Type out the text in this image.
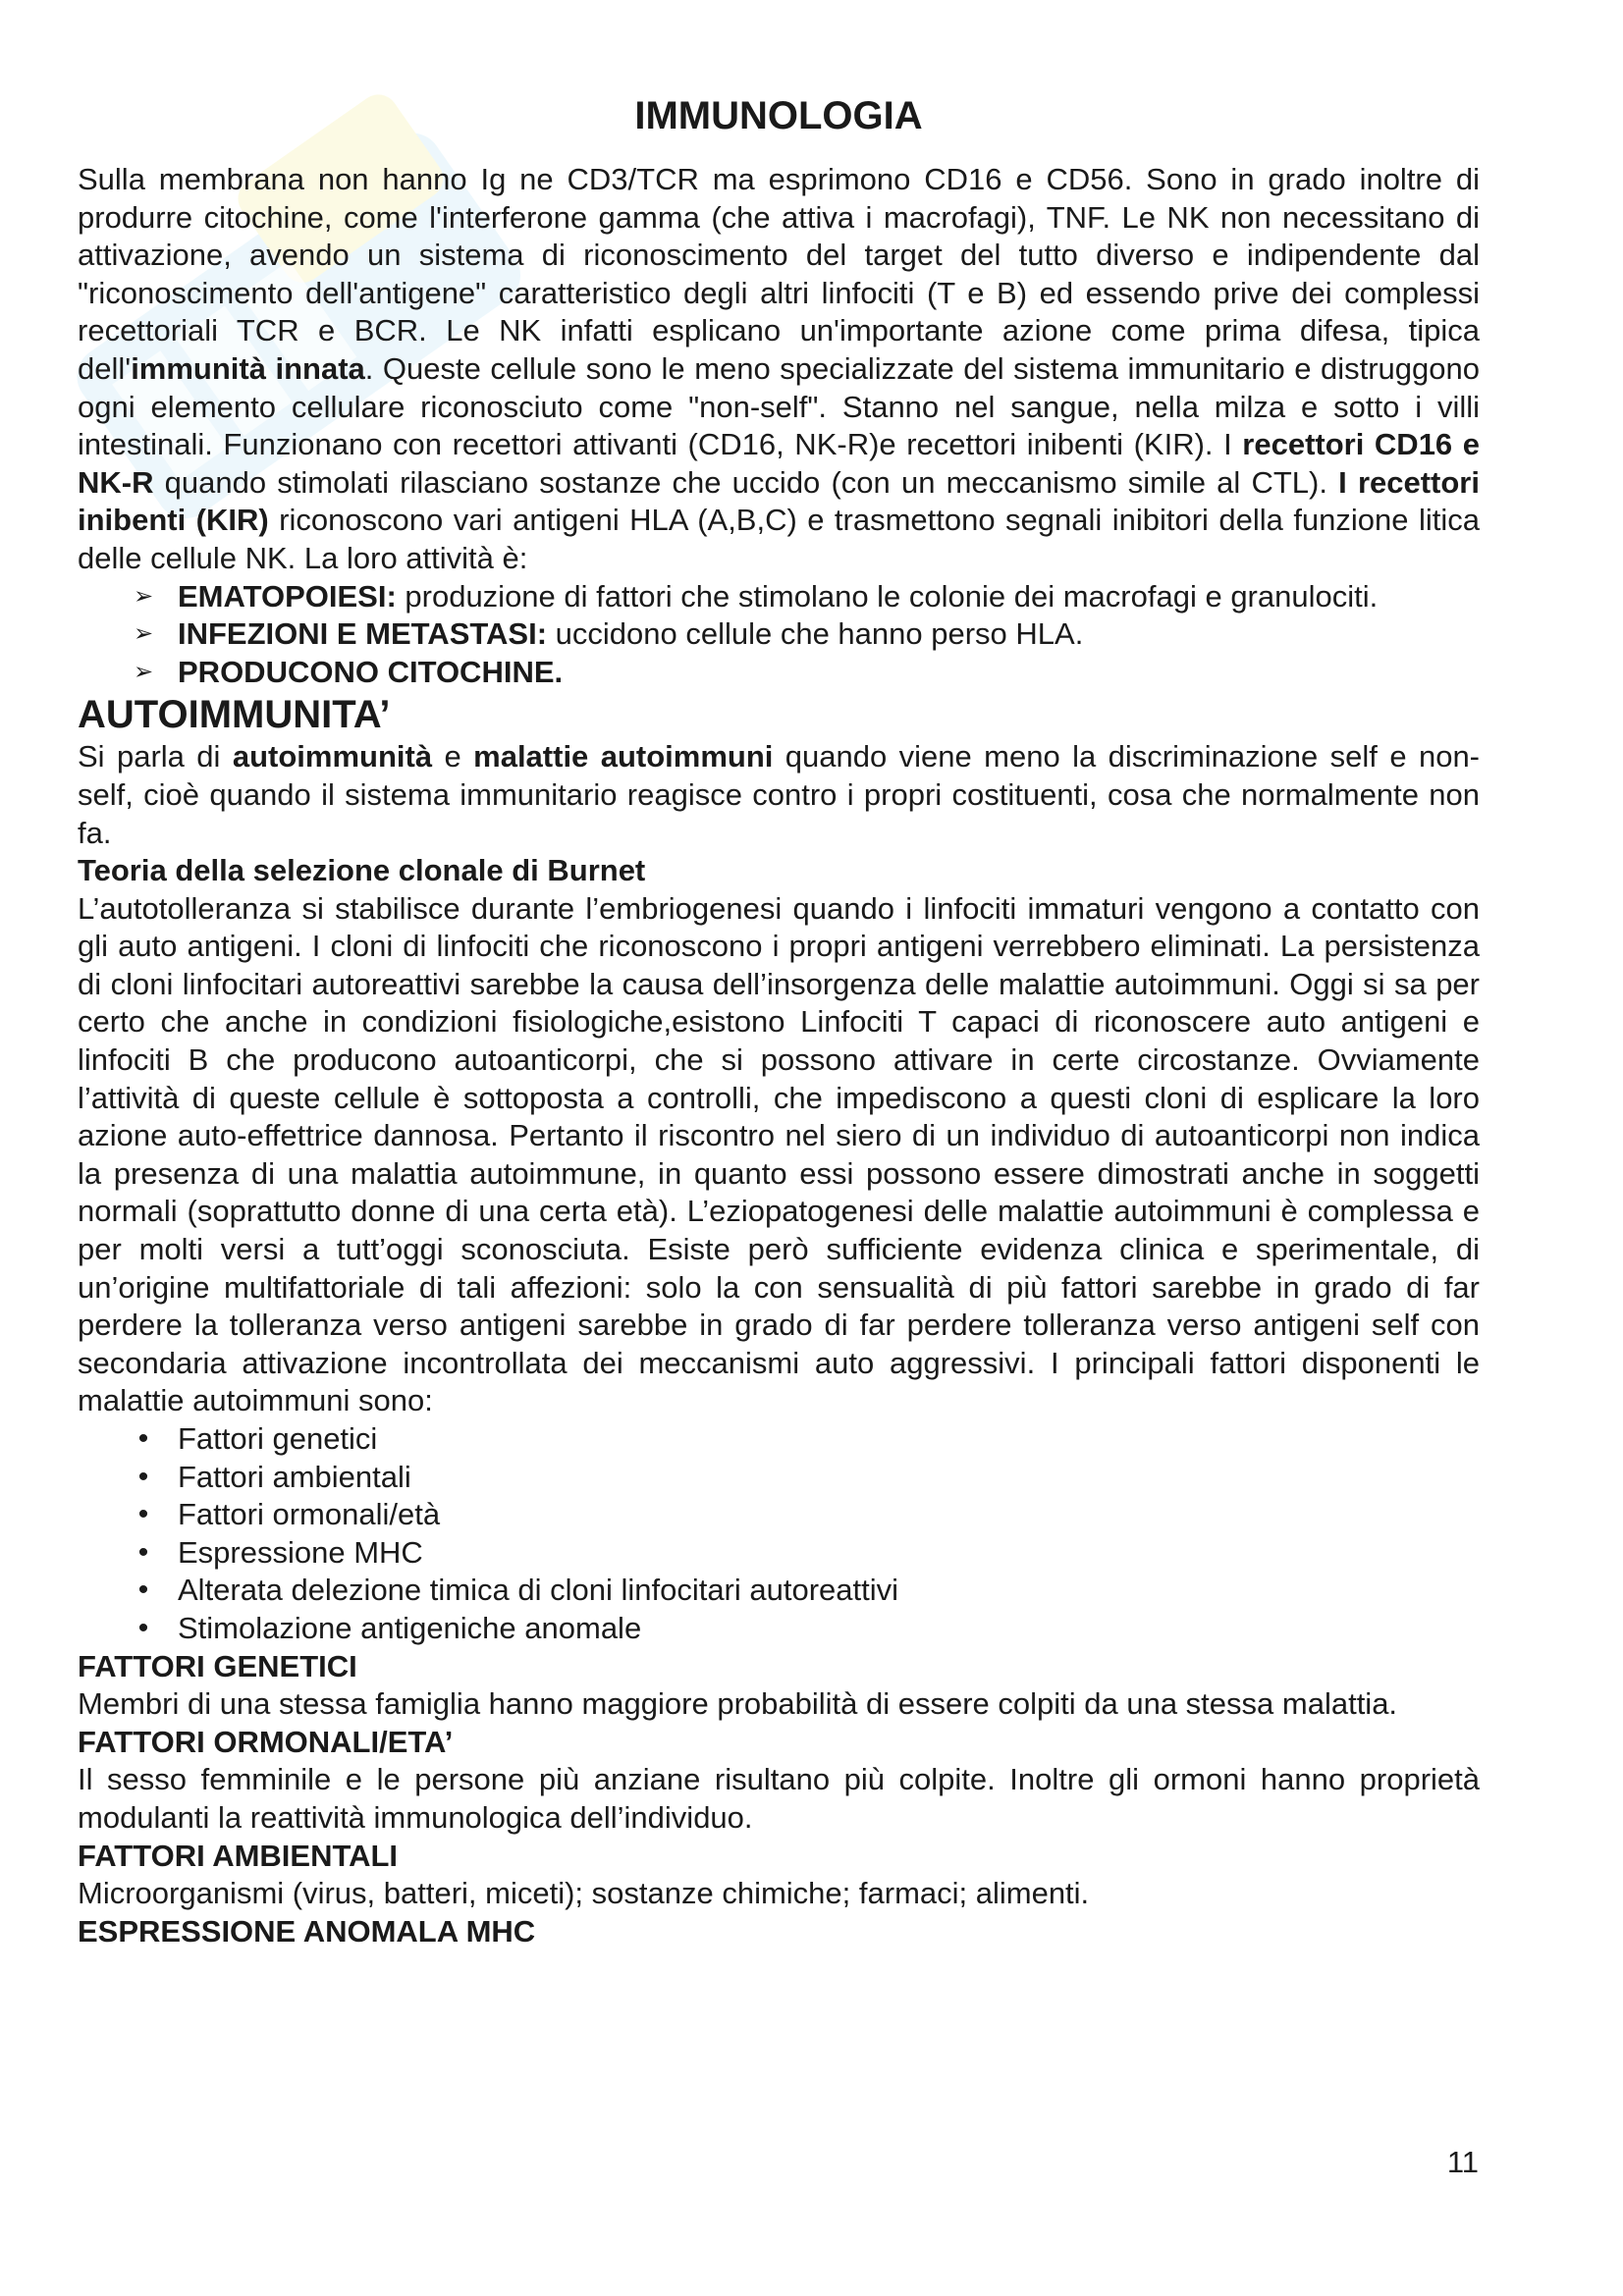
IMMUNOLOGIA

Sulla membrana non hanno Ig ne CD3/TCR ma esprimono CD16 e CD56. Sono in grado inoltre di produrre citochine, come l'interferone gamma (che attiva i macrofagi), TNF. Le NK non necessitano di attivazione, avendo un sistema di riconoscimento del target del tutto diverso e indipendente dal "riconoscimento dell'antigene" caratteristico degli altri linfociti (T e B) ed essendo prive dei complessi recettoriali TCR e BCR. Le NK infatti esplicano un'importante azione come prima difesa, tipica dell'immunità innata. Queste cellule sono le meno specializzate del sistema immunitario e distruggono ogni elemento cellulare riconosciuto come "non-self". Stanno nel sangue, nella milza e sotto i villi intestinali. Funzionano con recettori attivanti (CD16, NK-R)e recettori inibenti (KIR). I recettori CD16 e NK-R quando stimolati rilasciano sostanze che uccido (con un meccanismo simile al CTL). I recettori inibenti (KIR) riconoscono vari antigeni HLA (A,B,C) e trasmettono segnali inibitori della funzione litica delle cellule NK. La loro attività è:

➢ EMATOPOIESI: produzione di fattori che stimolano le colonie dei macrofagi e granulociti.
➢ INFEZIONI E METASTASI: uccidono cellule che hanno perso HLA.
➢ PRODUCONO CITOCHINE.
AUTOIMMUNITA’

Si parla di autoimmunità e malattie autoimmuni quando viene meno la discriminazione self e non-self, cioè quando il sistema immunitario reagisce contro i propri costituenti, cosa che normalmente non fa.

Teoria della selezione clonale di Burnet

L’autotolleranza si stabilisce durante l’embriogenesi quando i linfociti immaturi vengono a contatto con gli auto antigeni. I cloni di linfociti che riconoscono i propri antigeni verrebbero eliminati. La persistenza di cloni linfocitari autoreattivi sarebbe la causa dell’insorgenza delle malattie autoimmuni. Oggi si sa per certo che anche in condizioni fisiologiche,esistono Linfociti T capaci di riconoscere auto antigeni e linfociti B che producono autoanticorpi, che si possono attivare in certe circostanze. Ovviamente l’attività di queste cellule è sottoposta a controlli, che impediscono a questi cloni di esplicare la loro azione auto-effettrice dannosa. Pertanto il riscontro nel siero di un individuo di autoanticorpi non indica la presenza di una malattia autoimmune, in quanto essi possono essere dimostrati anche in soggetti normali (soprattutto donne di una certa età). L’eziopatogenesi delle malattie autoimmuni è complessa e per molti versi a tutt’oggi sconosciuta. Esiste però sufficiente evidenza clinica e sperimentale, di un’origine multifattoriale di tali affezioni: solo la con sensualità di più fattori sarebbe in grado di far perdere la tolleranza verso antigeni sarebbe in grado di far perdere tolleranza verso antigeni self con secondaria attivazione incontrollata dei meccanismi auto aggressivi. I principali fattori disponenti le malattie autoimmuni sono:

• Fattori genetici
• Fattori ambientali
• Fattori ormonali/età
• Espressione MHC
• Alterata delezione timica di cloni linfocitari autoreattivi
• Stimolazione antigeniche anomale
FATTORI GENETICI

Membri di una stessa famiglia hanno maggiore probabilità di essere colpiti da una stessa malattia.

FATTORI ORMONALI/ETA’

Il sesso femminile e le persone più anziane risultano più colpite. Inoltre gli ormoni hanno proprietà modulanti la reattività immunologica dell’individuo.

FATTORI AMBIENTALI

Microorganismi (virus, batteri, miceti); sostanze chimiche; farmaci; alimenti.

ESPRESSIONE ANOMALA MHC
11
